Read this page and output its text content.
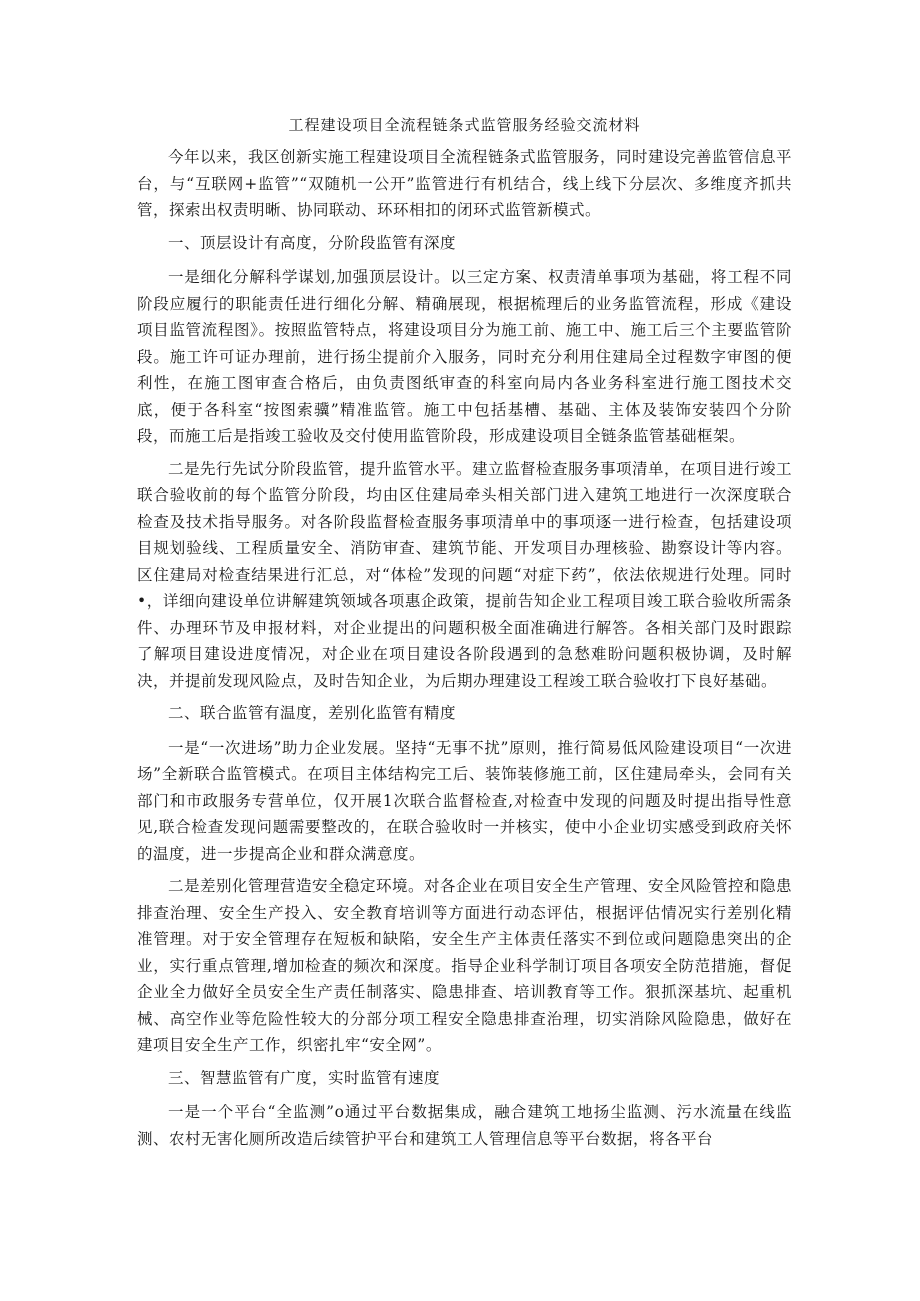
工程建设项目全流程链条式监管服务经验交流材料

今年以来，我区创新实施工程建设项目全流程链条式监管服务，同时建设完善监管信息平台，与“互联网+监管”“双随机一公开”监管进行有机结合，线上线下分层次、多维度齐抓共管，探索出权责明晰、协同联动、环环相扣的闭环式监管新模式。

一、顶层设计有高度，分阶段监管有深度

一是细化分解科学谋划,加强顶层设计。以三定方案、权责清单事项为基础，将工程不同阶段应履行的职能责任进行细化分解、精确展现，根据梳理后的业务监管流程，形成《建设项目监管流程图》。按照监管特点，将建设项目分为施工前、施工中、施工后三个主要监管阶段。施工许可证办理前，进行扬尘提前介入服务，同时充分利用住建局全过程数字审图的便利性，在施工图审查合格后，由负责图纸审查的科室向局内各业务科室进行施工图技术交底，便于各科室“按图索骥”精准监管。施工中包括基槽、基础、主体及装饰安装四个分阶段，而施工后是指竣工验收及交付使用监管阶段，形成建设项目全链条监管基础框架。

二是先行先试分阶段监管，提升监管水平。建立监督检查服务事项清单，在项目进行竣工联合验收前的每个监管分阶段，均由区住建局牵头相关部门进入建筑工地进行一次深度联合检查及技术指导服务。对各阶段监督检查服务事项清单中的事项逐一进行检查，包括建设项目规划验线、工程质量安全、消防审查、建筑节能、开发项目办理核验、勘察设计等内容。区住建局对检查结果进行汇总，对“体检”发现的问题“对症下药”，依法依规进行处理。同时•，详细向建设单位讲解建筑领域各项惠企政策，提前告知企业工程项目竣工联合验收所需条件、办理环节及申报材料，对企业提出的问题积极全面准确进行解答。各相关部门及时跟踪了解项目建设进度情况，对企业在项目建设各阶段遇到的急愁难盼问题积极协调，及时解决，并提前发现风险点，及时告知企业，为后期办理建设工程竣工联合验收打下良好基础。

二、联合监管有温度，差别化监管有精度

一是“一次进场”助力企业发展。坚持“无事不扰”原则，推行简易低风险建设项目“一次进场”全新联合监管模式。在项目主体结构完工后、装饰装修施工前，区住建局牵头，会同有关部门和市政服务专营单位，仅开展1次联合监督检查,对检查中发现的问题及时提出指导性意见,联合检查发现问题需要整改的，在联合验收时一并核实，使中小企业切实感受到政府关怀的温度，进一步提高企业和群众满意度。

二是差别化管理营造安全稳定环境。对各企业在项目安全生产管理、安全风险管控和隐患排查治理、安全生产投入、安全教育培训等方面进行动态评估，根据评估情况实行差别化精准管理。对于安全管理存在短板和缺陷，安全生产主体责任落实不到位或问题隐患突出的企业，实行重点管理,增加检查的频次和深度。指导企业科学制订项目各项安全防范措施，督促企业全力做好全员安全生产责任制落实、隐患排查、培训教育等工作。狠抓深基坑、起重机械、高空作业等危险性较大的分部分项工程安全隐患排查治理，切实消除风险隐患，做好在建项目安全生产工作，织密扎牢“安全网”。

三、智慧监管有广度，实时监管有速度

一是一个平台“全监测”o通过平台数据集成，融合建筑工地扬尘监测、污水流量在线监测、农村无害化厕所改造后续管护平台和建筑工人管理信息等平台数据，将各平台
